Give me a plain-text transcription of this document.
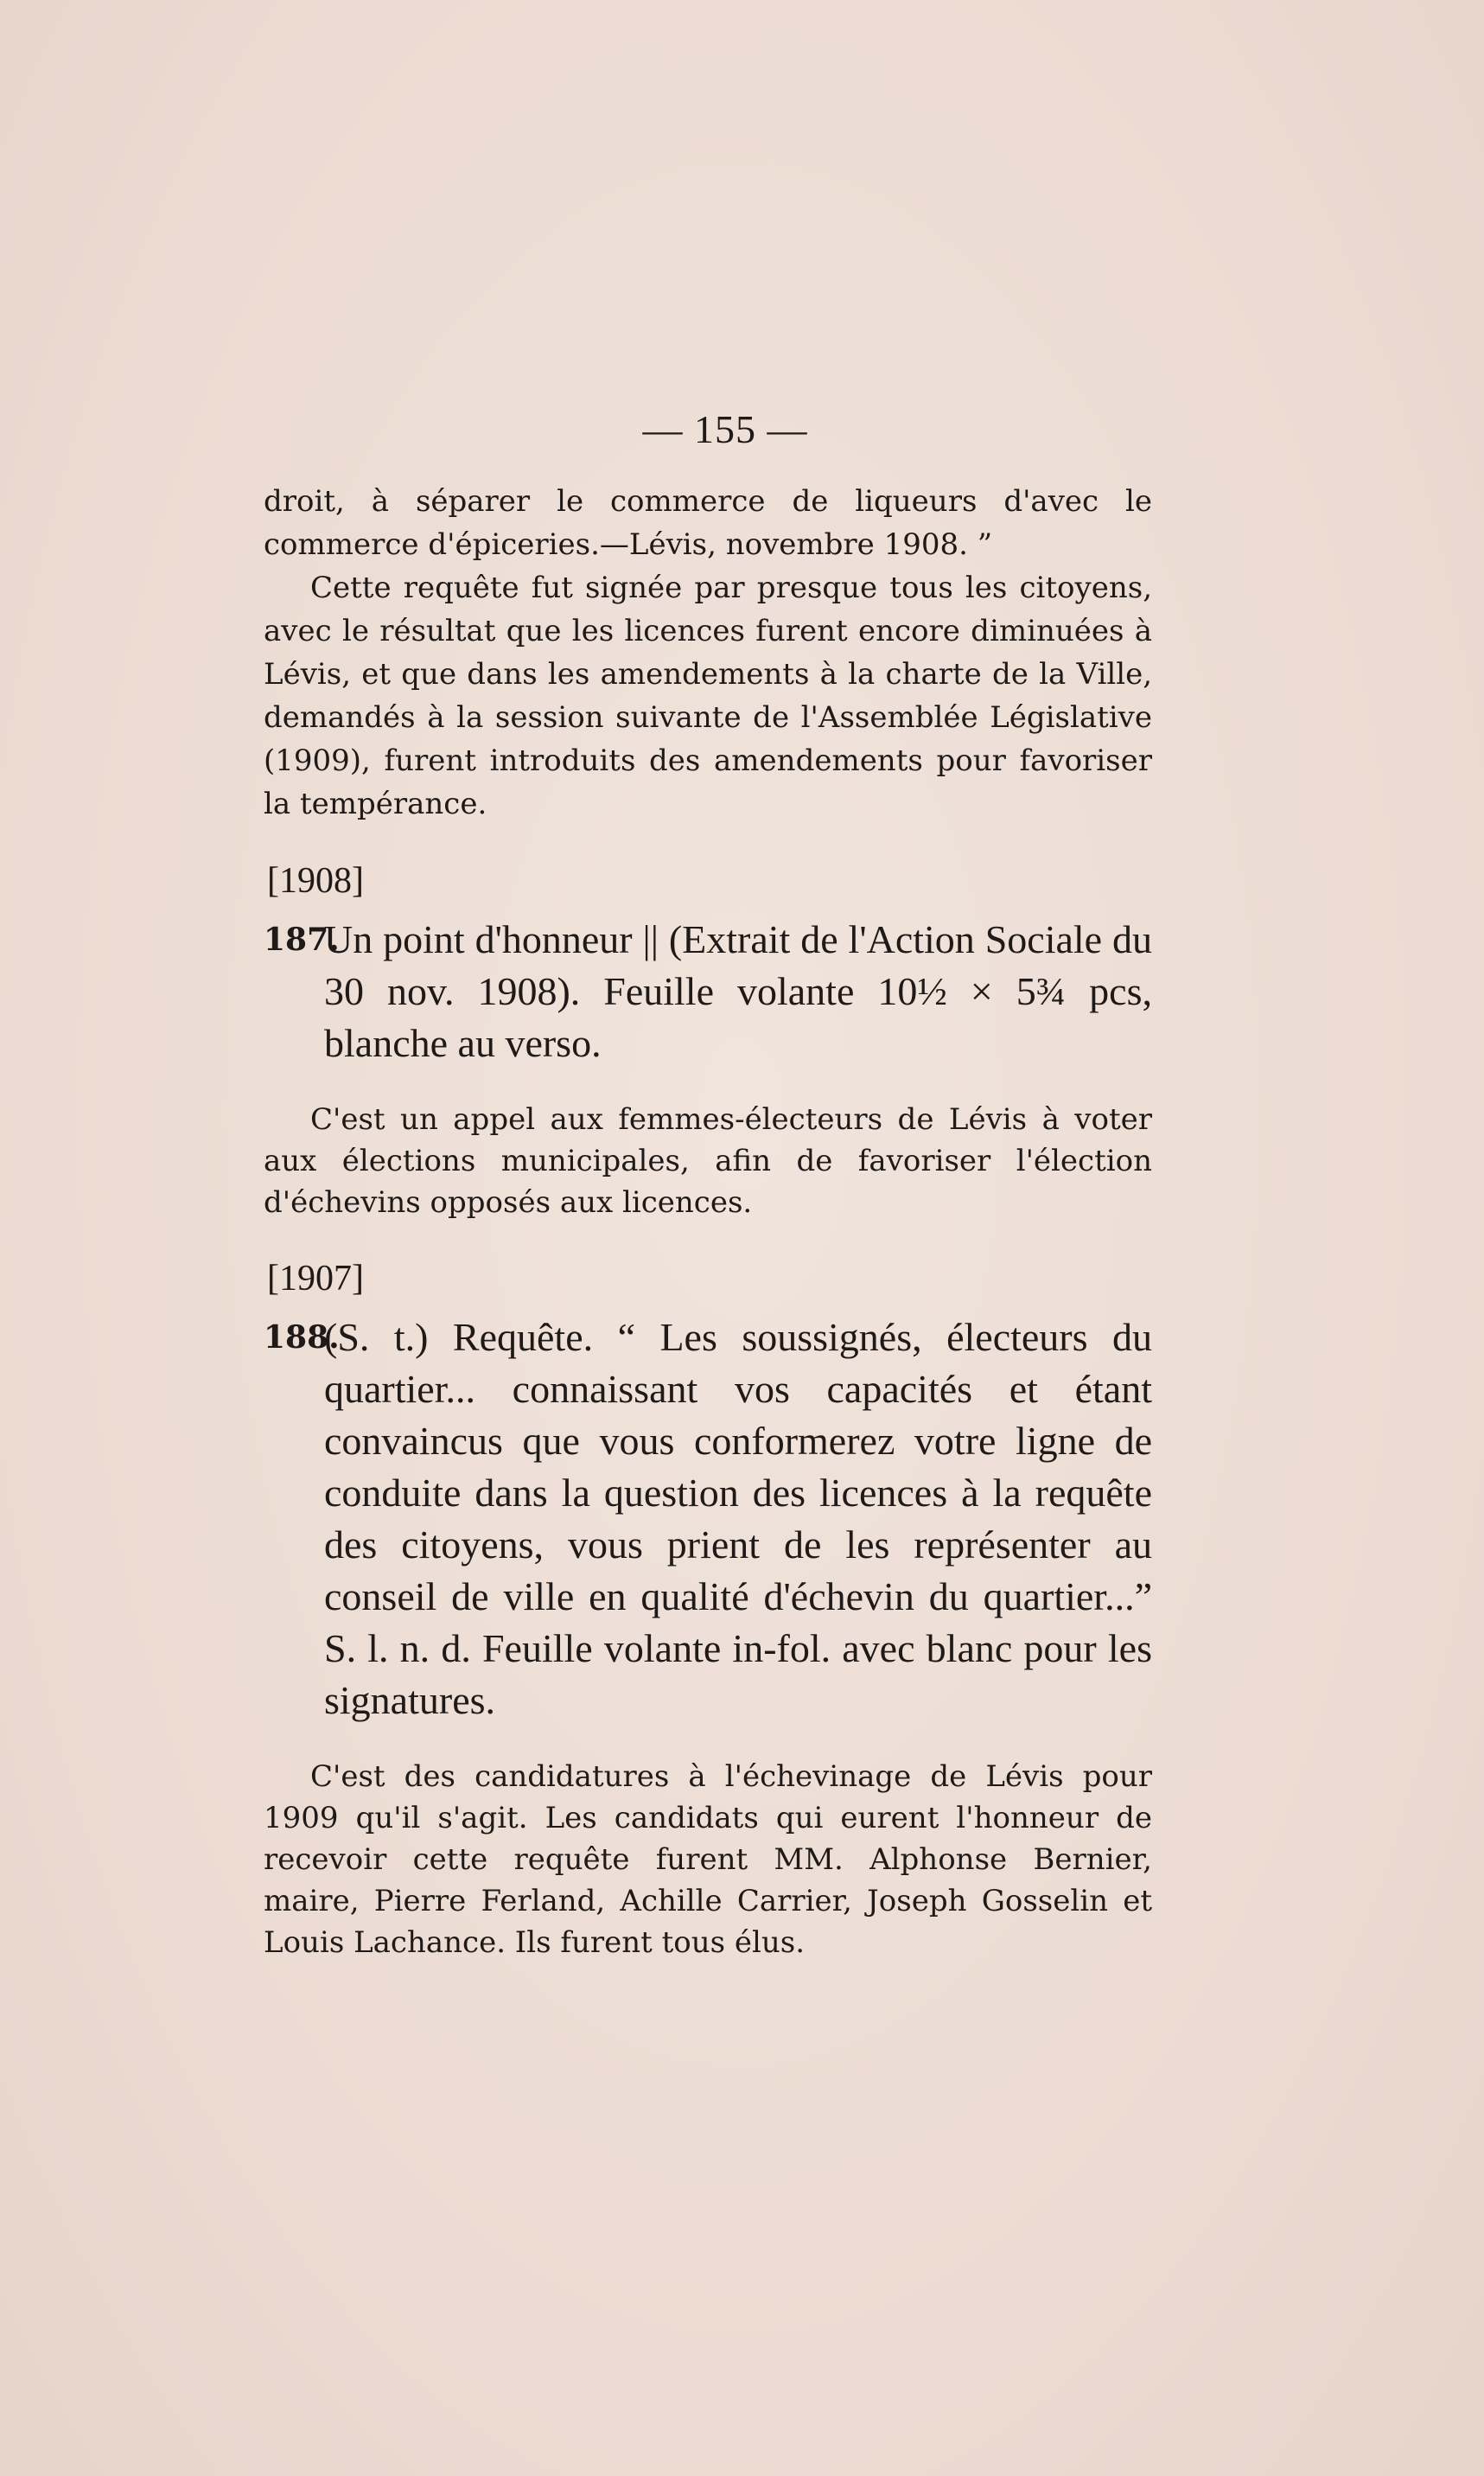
— 155 —

droit, à séparer le commerce de liqueurs d'avec le commerce d'épiceries.—Lévis, novembre 1908. ”

Cette requête fut signée par presque tous les citoyens, avec le résultat que les licences furent encore diminuées à Lévis, et que dans les amendements à la charte de la Ville, demandés à la session suivante de l'Assemblée Législative (1909), furent introduits des amendements pour favoriser la tempérance.

[1908]
187.
Un point d'honneur || (Extrait de l'Action Sociale du 30 nov. 1908). Feuille volante 10½ × 5¾ pcs, blanche au verso.

C'est un appel aux femmes-électeurs de Lévis à voter aux élections municipales, afin de favoriser l'élection d'échevins opposés aux licences.

[1907]
188.
(S. t.) Requête. “ Les soussignés, électeurs du quartier... connaissant vos capacités et étant convaincus que vous conformerez votre ligne de conduite dans la question des licences à la requête des citoyens, vous prient de les représenter au conseil de ville en qualité d'échevin du quartier...” S. l. n. d. Feuille volante in-fol. avec blanc pour les signatures.

C'est des candidatures à l'échevinage de Lévis pour 1909 qu'il s'agit. Les candidats qui eurent l'honneur de recevoir cette requête furent MM. Alphonse Bernier, maire, Pierre Ferland, Achille Carrier, Joseph Gosselin et Louis Lachance. Ils furent tous élus.
